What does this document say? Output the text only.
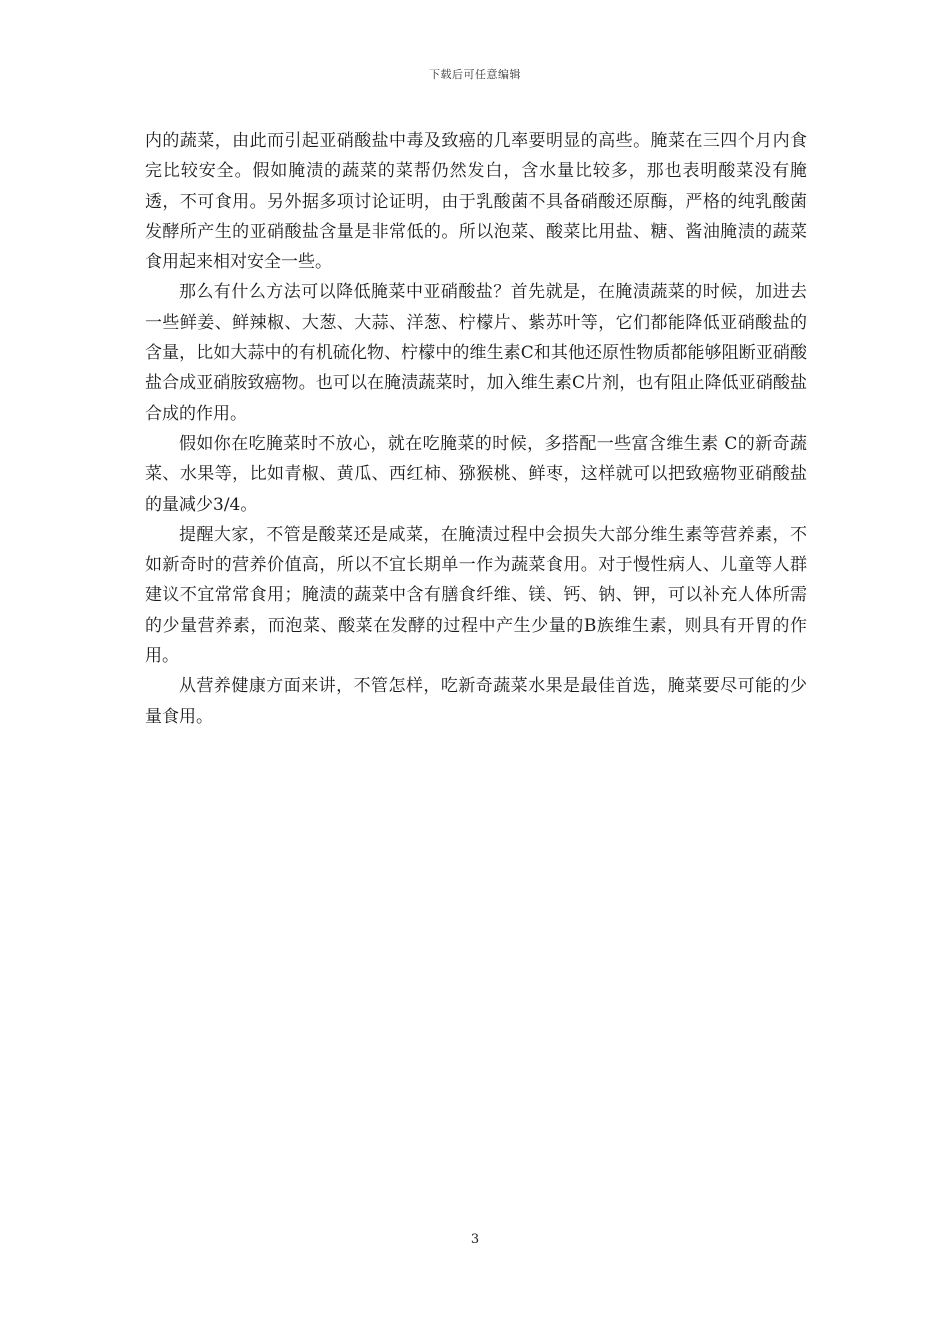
下载后可任意编辑

内的蔬菜，由此而引起亚硝酸盐中毒及致癌的几率要明显的高些。腌菜在三四个月内食完比较安全。假如腌渍的蔬菜的菜帮仍然发白，含水量比较多，那也表明酸菜没有腌透，不可食用。另外据多项讨论证明，由于乳酸菌不具备硝酸还原酶，严格的纯乳酸菌发酵所产生的亚硝酸盐含量是非常低的。所以泡菜、酸菜比用盐、糖、酱油腌渍的蔬菜食用起来相对安全一些。

那么有什么方法可以降低腌菜中亚硝酸盐？首先就是，在腌渍蔬菜的时候，加进去一些鲜姜、鲜辣椒、大葱、大蒜、洋葱、柠檬片、紫苏叶等，它们都能降低亚硝酸盐的含量，比如大蒜中的有机硫化物、柠檬中的维生素C和其他还原性物质都能够阻断亚硝酸盐合成亚硝胺致癌物。也可以在腌渍蔬菜时，加入维生素C片剂，也有阻止降低亚硝酸盐合成的作用。

假如你在吃腌菜时不放心，就在吃腌菜的时候，多搭配一些富含维生素 C的新奇蔬菜、水果等，比如青椒、黄瓜、西红柿、猕猴桃、鲜枣，这样就可以把致癌物亚硝酸盐的量减少3/4。

提醒大家，不管是酸菜还是咸菜，在腌渍过程中会损失大部分维生素等营养素，不如新奇时的营养价值高，所以不宜长期单一作为蔬菜食用。对于慢性病人、儿童等人群建议不宜常常食用；腌渍的蔬菜中含有膳食纤维、镁、钙、钠、钾，可以补充人体所需的少量营养素，而泡菜、酸菜在发酵的过程中产生少量的B族维生素，则具有开胃的作用。

从营养健康方面来讲，不管怎样，吃新奇蔬菜水果是最佳首选，腌菜要尽可能的少量食用。

3
